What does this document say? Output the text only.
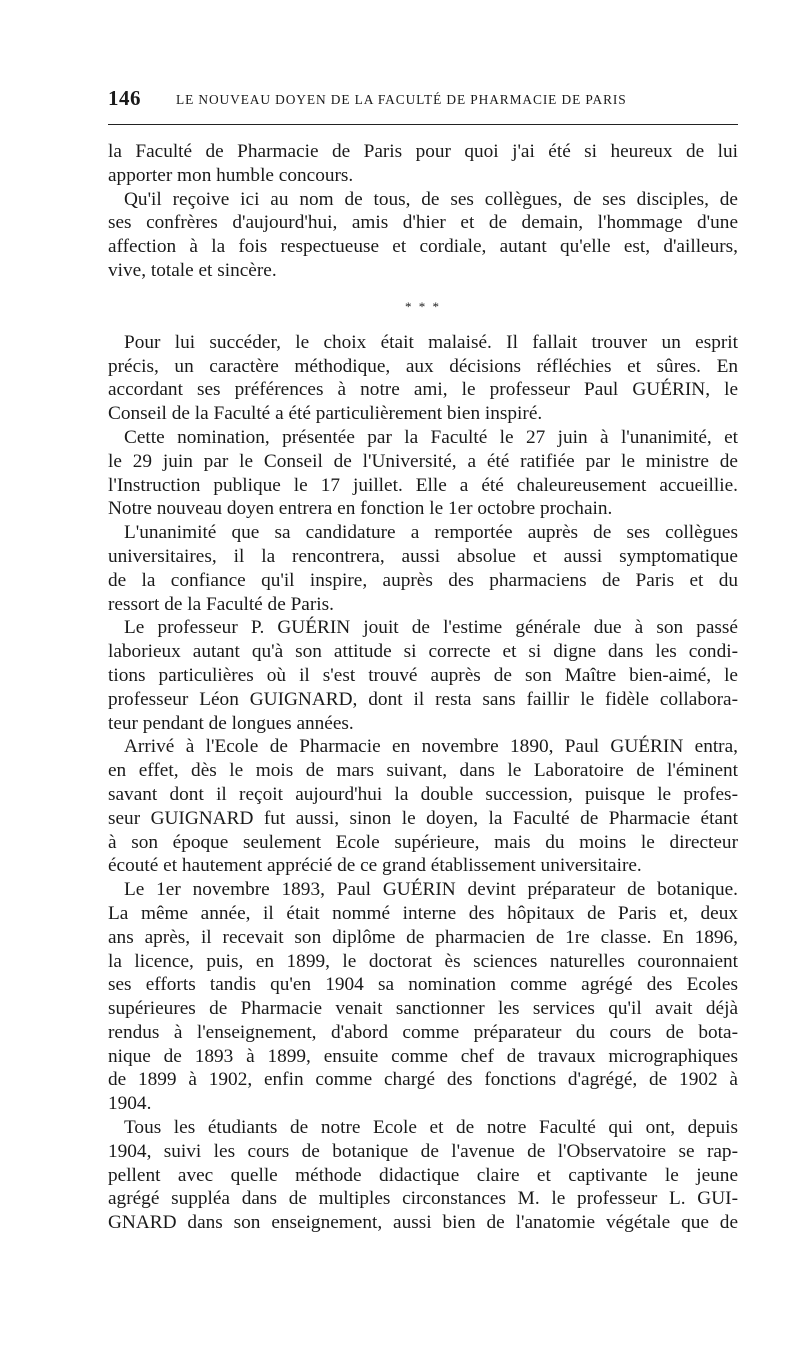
146	LE NOUVEAU DOYEN DE LA FACULTÉ DE PHARMACIE DE PARIS
la Faculté de Pharmacie de Paris pour quoi j'ai été si heureux de lui
apporter mon humble concours.
Qu'il reçoive ici au nom de tous, de ses collègues, de ses disciples, de
ses confrères d'aujourd'hui, amis d'hier et de demain, l'hommage d'une
affection à la fois respectueuse et cordiale, autant qu'elle est, d'ailleurs,
vive, totale et sincère.
* * *
Pour lui succéder, le choix était malaisé. Il fallait trouver un esprit
précis, un caractère méthodique, aux décisions réfléchies et sûres. En
accordant ses préférences à notre ami, le professeur Paul GUÉRIN, le
Conseil de la Faculté a été particulièrement bien inspiré.
Cette nomination, présentée par la Faculté le 27 juin à l'unanimité, et
le 29 juin par le Conseil de l'Université, a été ratifiée par le ministre de
l'Instruction publique le 17 juillet. Elle a été chaleureusement accueillie.
Notre nouveau doyen entrera en fonction le 1er octobre prochain.
L'unanimité que sa candidature a remportée auprès de ses collègues
universitaires, il la rencontrera, aussi absolue et aussi symptomatique
de la confiance qu'il inspire, auprès des pharmaciens de Paris et du
ressort de la Faculté de Paris.
Le professeur P. GUÉRIN jouit de l'estime générale due à son passé
laborieux autant qu'à son attitude si correcte et si digne dans les condi-
tions particulières où il s'est trouvé auprès de son Maître bien-aimé, le
professeur Léon GUIGNARD, dont il resta sans faillir le fidèle collabora-
teur pendant de longues années.
Arrivé à l'Ecole de Pharmacie en novembre 1890, Paul GUÉRIN entra,
en effet, dès le mois de mars suivant, dans le Laboratoire de l'éminent
savant dont il reçoit aujourd'hui la double succession, puisque le profes-
seur GUIGNARD fut aussi, sinon le doyen, la Faculté de Pharmacie étant
à son époque seulement Ecole supérieure, mais du moins le directeur
écouté et hautement apprécié de ce grand établissement universitaire.
Le 1er novembre 1893, Paul GUÉRIN devint préparateur de botanique.
La même année, il était nommé interne des hôpitaux de Paris et, deux
ans après, il recevait son diplôme de pharmacien de 1re classe. En 1896,
la licence, puis, en 1899, le doctorat ès sciences naturelles couronnaient
ses efforts tandis qu'en 1904 sa nomination comme agrégé des Ecoles
supérieures de Pharmacie venait sanctionner les services qu'il avait déjà
rendus à l'enseignement, d'abord comme préparateur du cours de bota-
nique de 1893 à 1899, ensuite comme chef de travaux micrographiques
de 1899 à 1902, enfin comme chargé des fonctions d'agrégé, de 1902 à
1904.
Tous les étudiants de notre Ecole et de notre Faculté qui ont, depuis
1904, suivi les cours de botanique de l'avenue de l'Observatoire se rap-
pellent avec quelle méthode didactique claire et captivante le jeune
agrégé suppléa dans de multiples circonstances M. le professeur L. GUI-
GNARD dans son enseignement, aussi bien de l'anatomie végétale que de
